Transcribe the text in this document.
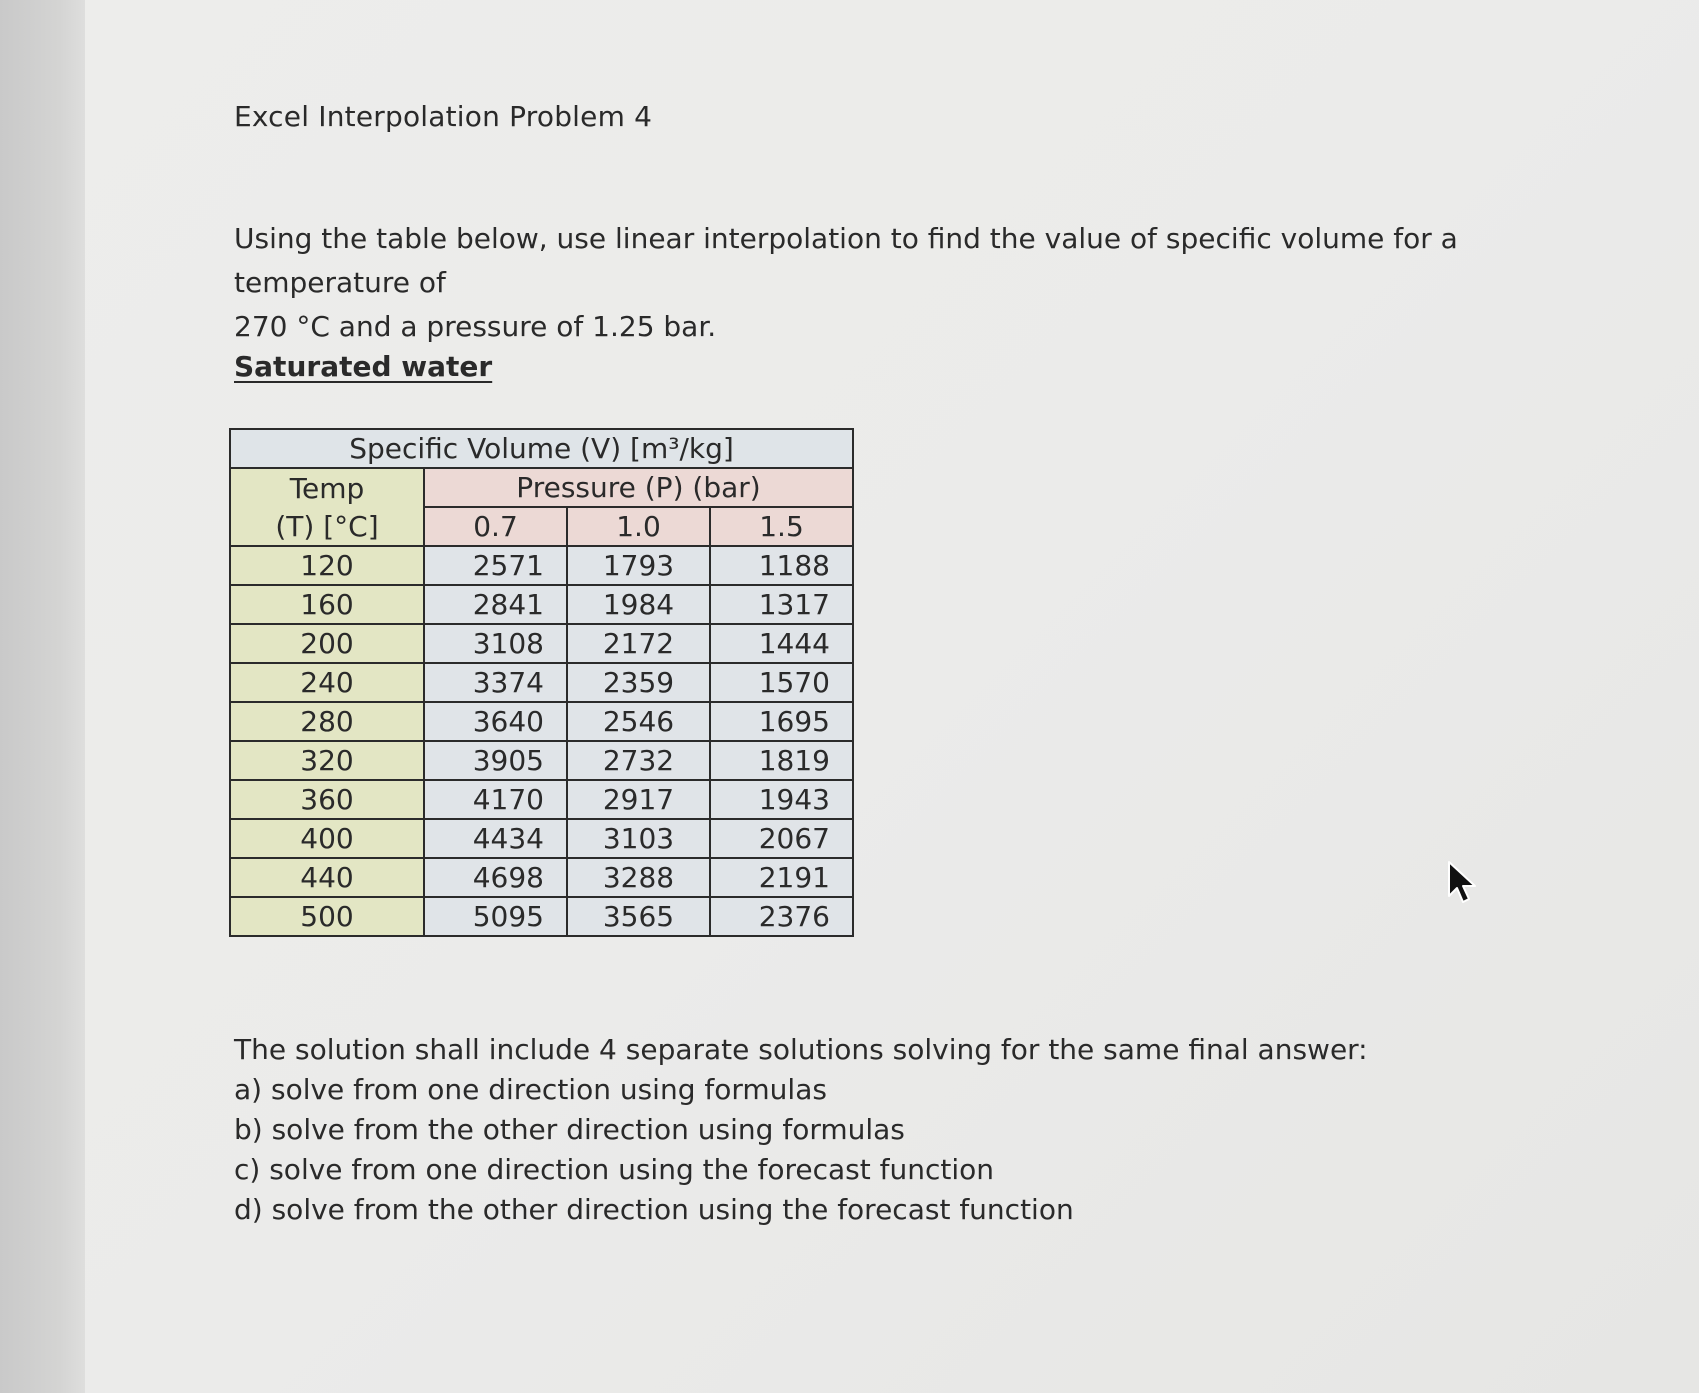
Excel Interpolation Problem 4
Using the table below, use linear interpolation to find the value of specific volume for a temperature of
270 °C and a pressure of 1.25 bar.
Saturated water
Specific Volume (V) [m³/kg]			
Temp	Pressure (P) (bar)		
(T) [°C]	0.7	1.0	1.5
120	2571	1793	1188
160	2841	1984	1317
200	3108	2172	1444
240	3374	2359	1570
280	3640	2546	1695
320	3905	2732	1819
360	4170	2917	1943
400	4434	3103	2067
440	4698	3288	2191
500	5095	3565	2376
The solution shall include 4 separate solutions solving for the same final answer:
a) solve from one direction using formulas
b) solve from the other direction using formulas
c) solve from one direction using the forecast function
d) solve from the other direction using the forecast function
